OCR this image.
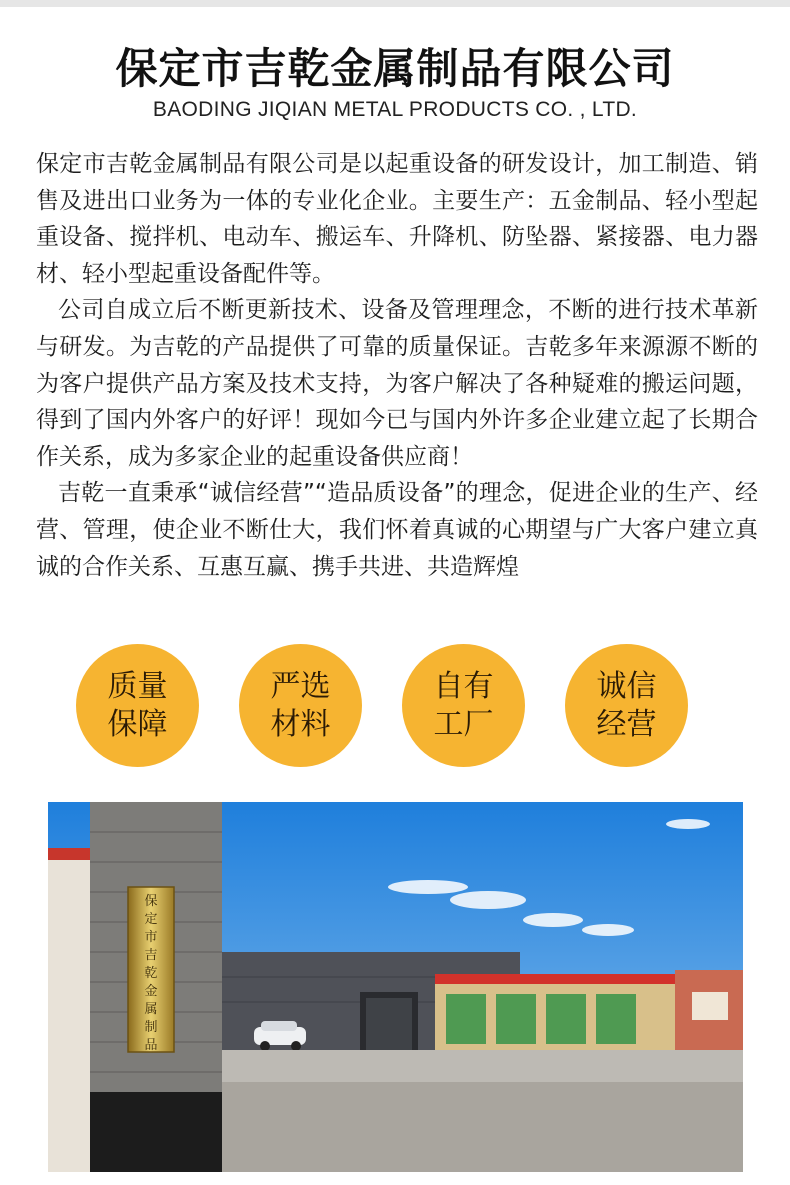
保定市吉乾金属制品有限公司
BAODING JIQIAN METAL PRODUCTS CO. , LTD.

保定市吉乾金属制品有限公司是以起重设备的研发设计，加工制造、销售及进出口业务为一体的专业化企业。主要生产：五金制品、轻小型起重设备、搅拌机、电动车、搬运车、升降机、防坠器、紧接器、电力器材、轻小型起重设备配件等。

公司自成立后不断更新技术、设备及管理理念，不断的进行技术革新与研发。为吉乾的产品提供了可靠的质量保证。吉乾多年来源源不断的为客户提供产品方案及技术支持，为客户解决了各种疑难的搬运问题，得到了国内外客户的好评！现如今已与国内外许多企业建立起了长期合作关系，成为多家企业的起重设备供应商！

吉乾一直秉承“诚信经营”“造品质设备”的理念，促进企业的生产、经营、管理，使企业不断仕大，我们怀着真诚的心期望与广大客户建立真诚的合作关系、互惠互赢、携手共进、共造辉煌

质量
保障
严选
材料
自有
工厂
诚信
经营
保
定
市
吉
乾
金
属
制
品
